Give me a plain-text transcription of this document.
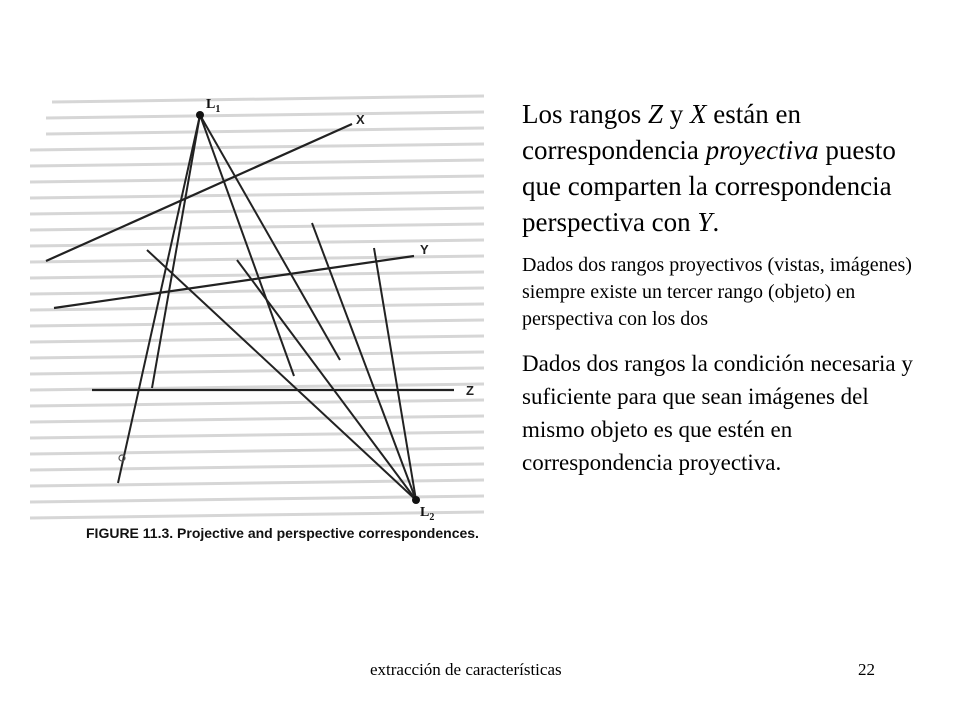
$L_1$
$L_2$
X
Y
Z
FIGURE 11.3. Projective and perspective correspondences.

Los rangos Z y X están en correspondencia proyectiva puesto que comparten la correspondencia perspectiva con Y.

Dados dos rangos proyectivos (vistas, imágenes) siempre existe un tercer rango (objeto) en perspectiva con los dos

Dados dos rangos la condición necesaria y suficiente para que sean imágenes del mismo objeto es que estén en correspondencia proyectiva.

extracción de características	22
